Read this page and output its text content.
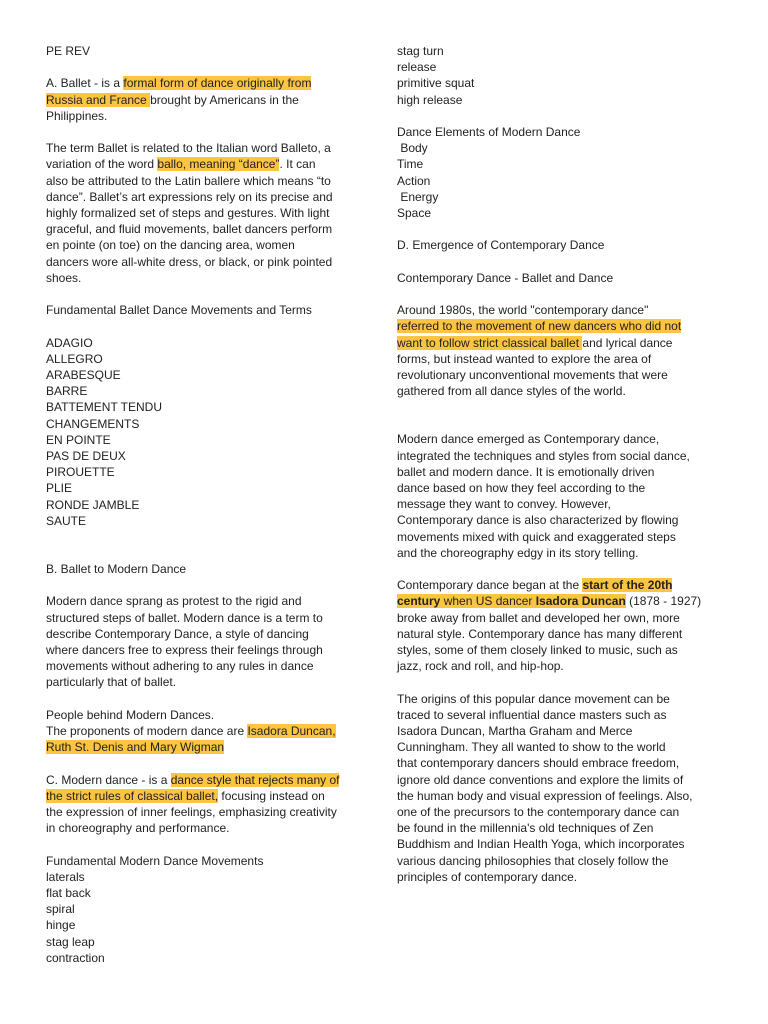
PE REV
A. Ballet - is a formal form of dance originally from
Russia and France brought by Americans in the
Philippines.
The term Ballet is related to the Italian word Balleto, a
variation of the word ballo, meaning “dance”. It can
also be attributed to the Latin ballere which means “to
dance”. Ballet’s art expressions rely on its precise and
highly formalized set of steps and gestures. With light
graceful, and fluid movements, ballet dancers perform
en pointe (on toe) on the dancing area, women
dancers wore all-white dress, or black, or pink pointed
shoes.
Fundamental Ballet Dance Movements and Terms
ADAGIO
ALLEGRO
ARABESQUE
BARRE
BATTEMENT TENDU
CHANGEMENTS
EN POINTE
PAS DE DEUX
PIROUETTE
PLIE
RONDE JAMBLE
SAUTE
B. Ballet to Modern Dance
Modern dance sprang as protest to the rigid and
structured steps of ballet. Modern dance is a term to
describe Contemporary Dance, a style of dancing
where dancers free to express their feelings through
movements without adhering to any rules in dance
particularly that of ballet.
People behind Modern Dances.
The proponents of modern dance are Isadora Duncan,
Ruth St. Denis and Mary Wigman
C. Modern dance - is a dance style that rejects many of
the strict rules of classical ballet, focusing instead on
the expression of inner feelings, emphasizing creativity
in choreography and performance.
Fundamental Modern Dance Movements
laterals
flat back
spiral
hinge
stag leap
contraction
stag turn
release
primitive squat
high release
Dance Elements of Modern Dance
Body
Time
Action
Energy
Space
D. Emergence of Contemporary Dance
Contemporary Dance - Ballet and Dance
Around 1980s, the world "contemporary dance"
referred to the movement of new dancers who did not
want to follow strict classical ballet and lyrical dance
forms, but instead wanted to explore the area of
revolutionary unconventional movements that were
gathered from all dance styles of the world.
Modern dance emerged as Contemporary dance,
integrated the techniques and styles from social dance,
ballet and modern dance. It is emotionally driven
dance based on how they feel according to the
message they want to convey. However,
Contemporary dance is also characterized by flowing
movements mixed with quick and exaggerated steps
and the choreography edgy in its story telling.
Contemporary dance began at the start of the 20th
century when US dancer Isadora Duncan (1878 - 1927)
broke away from ballet and developed her own, more
natural style. Contemporary dance has many different
styles, some of them closely linked to music, such as
jazz, rock and roll, and hip-hop.
The origins of this popular dance movement can be
traced to several influential dance masters such as
Isadora Duncan, Martha Graham and Merce
Cunningham. They all wanted to show to the world
that contemporary dancers should embrace freedom,
ignore old dance conventions and explore the limits of
the human body and visual expression of feelings. Also,
one of the precursors to the contemporary dance can
be found in the millennia's old techniques of Zen
Buddhism and Indian Health Yoga, which incorporates
various dancing philosophies that closely follow the
principles of contemporary dance.
